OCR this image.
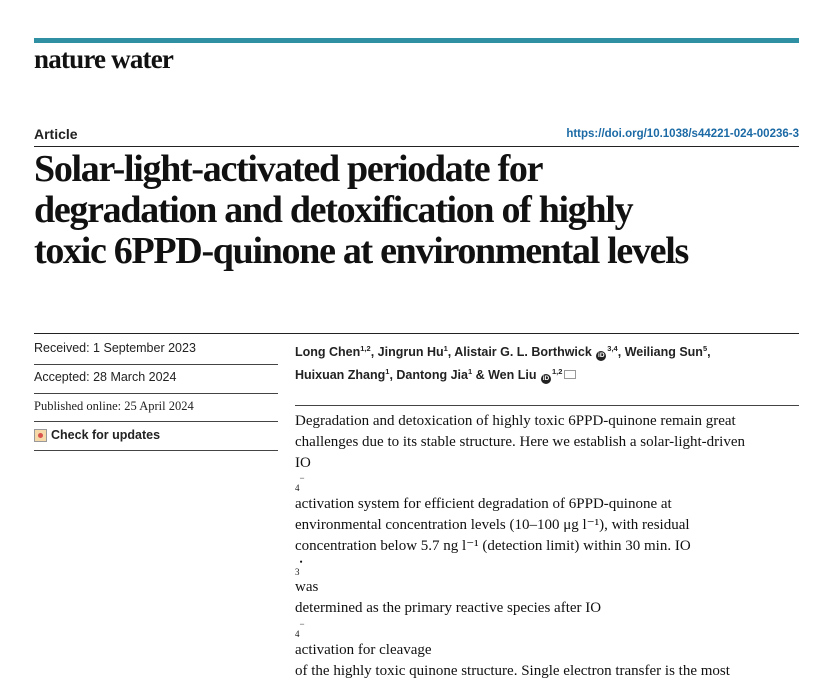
nature water
Article	https://doi.org/10.1038/s44221-024-00236-3
Solar-light-activated periodate for
degradation and detoxification of highly
toxic 6PPD-quinone at environmental levels
Received: 1 September 2023
Accepted: 28 March 2024
Published online: 25 April 2024
Check for updates
Long Chen$^{1,2}$, Jingrun Hu$^1$, Alistair G. L. Borthwick iD$^{3,4}$, Weiliang Sun$^5$,
Huixuan Zhang$^1$, Dantong Jia$^1$ & Wen Liu iD$^{1,2}$
Degradation and detoxication of highly toxic 6PPD-quinone remain great
challenges due to its stable structure. Here we establish a solar-light-driven
IO
$_4$−
activation system for efficient degradation of 6PPD-quinone at
environmental concentration levels (10–100 μg l⁻¹), with residual
concentration below 5.7 ng l⁻¹ (detection limit) within 30 min. IO
$_3$•
was
determined as the primary reactive species after IO
$_4$−
activation for cleavage
of the highly toxic quinone structure. Single electron transfer is the most
